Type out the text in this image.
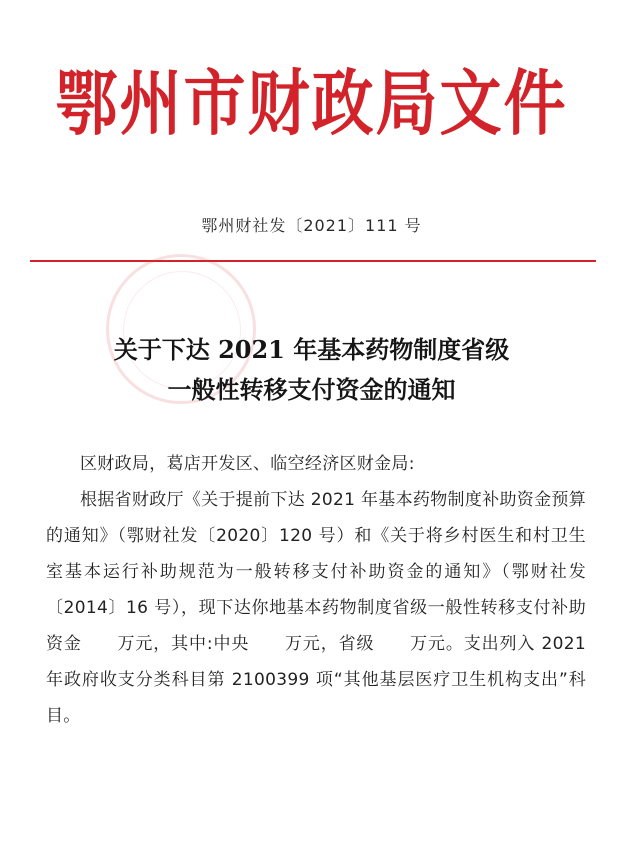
鄂州市财政局文件
鄂州财社发〔2021〕111 号
关于下达 2021 年基本药物制度省级
一般性转移支付资金的通知

区财政局，葛店开发区、临空经济区财金局:

根据省财政厅《关于提前下达 2021 年基本药物制度补助资金预算的通知》（鄂财社发〔2020〕120 号）和《关于将乡村医生和村卫生室基本运行补助规范为一般转移支付补助资金的通知》（鄂财社发〔2014〕16 号），现下达你地基本药物制度省级一般性转移支付补助资金　　万元，其中:中央　　万元，省级　　万元。支出列入 2021 年政府收支分类科目第 2100399 项“其他基层医疗卫生机构支出”科目。
